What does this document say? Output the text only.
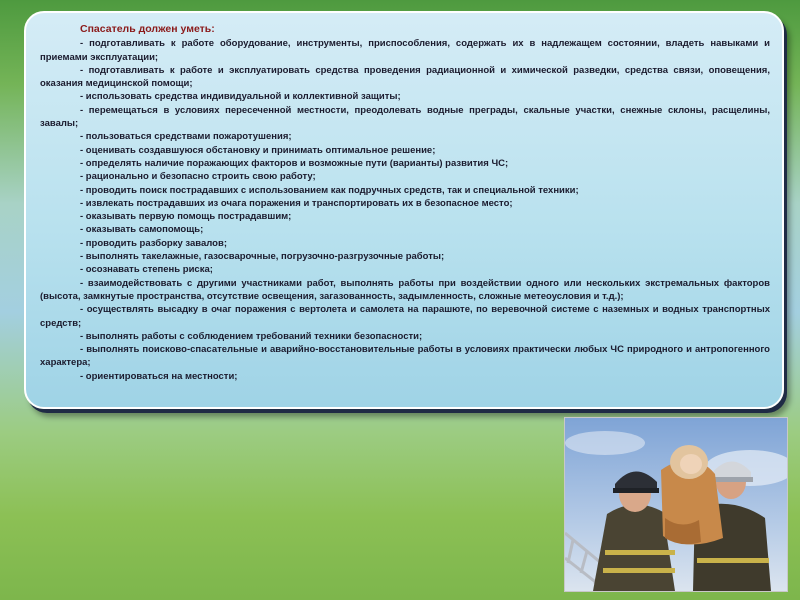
Спасатель должен уметь:

- подготавливать к работе оборудование, инструменты, приспособления, содержать их в надлежащем состоянии, владеть навыками и приемами эксплуатации;

- подготавливать к работе и эксплуатировать средства проведения радиационной и химической разведки, средства связи, оповещения, оказания медицинской помощи;

- использовать средства индивидуальной и коллективной защиты;

- перемещаться в условиях пересеченной местности, преодолевать водные преграды, скальные участки, снежные склоны, расщелины, завалы;

- пользоваться средствами пожаротушения;

- оценивать создавшуюся обстановку и принимать оптимальное решение;

- определять наличие поражающих факторов и возможные пути (варианты) развития ЧС;

- рационально и безопасно строить свою работу;

- проводить поиск пострадавших с использованием как подручных средств, так и специальной техники;

- извлекать пострадавших из очага поражения и транспортировать их в безопасное место;

- оказывать первую помощь пострадавшим;

- оказывать самопомощь;

- проводить разборку завалов;

- выполнять такелажные, газосварочные, погрузочно-разгрузочные работы;

- осознавать степень риска;

- взаимодействовать с другими участниками работ, выполнять работы при воздействии одного или нескольких экстремальных факторов (высота, замкнутые пространства, отсутствие освещения, загазованность, задымленность, сложные метеоусловия и т.д.);

- осуществлять высадку в очаг поражения с вертолета и самолета на парашюте, по веревочной системе с наземных и водных транспортных средств;

- выполнять работы с соблюдением требований техники безопасности;

- выполнять поисково-спасательные и аварийно-восстановительные работы в условиях практически любых ЧС природного и антропогенного характера;

- ориентироваться на местности;
